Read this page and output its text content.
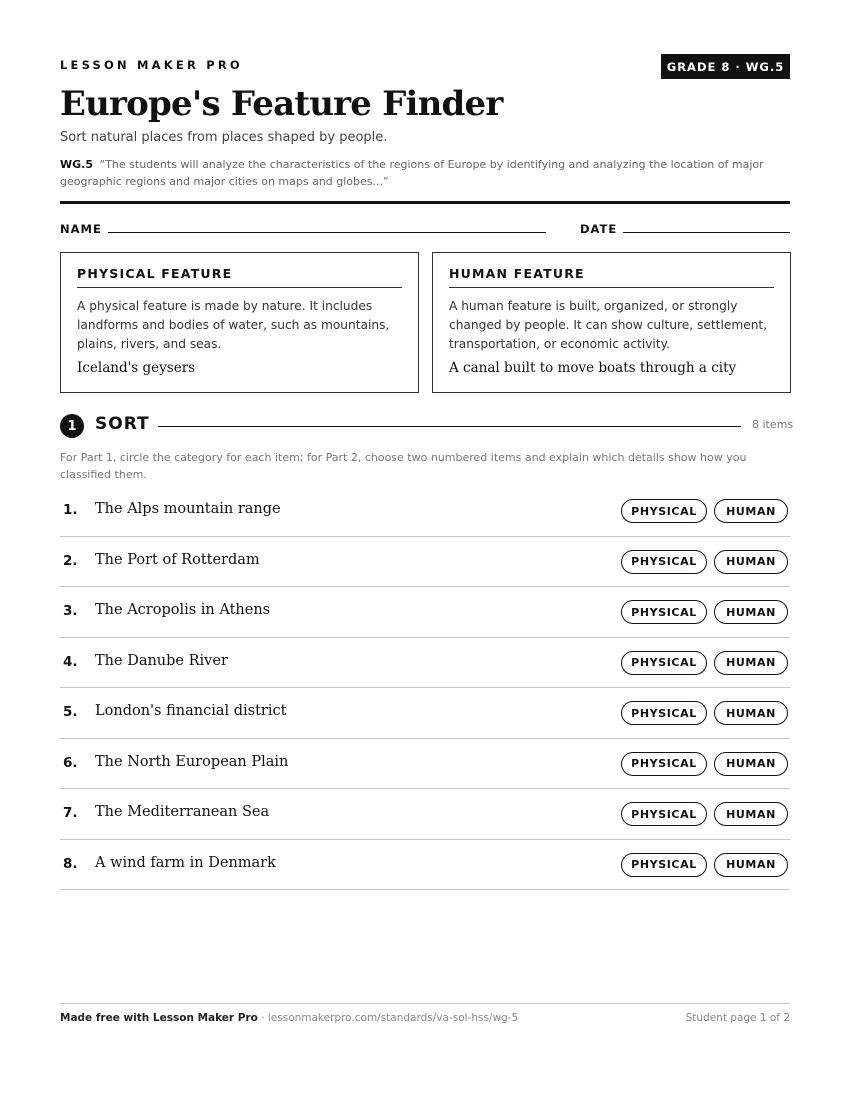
LESSON MAKER PRO	GRADE 8 · WG.5
Europe's Feature Finder
Sort natural places from places shaped by people.
WG.5 “The students will analyze the characteristics of the regions of Europe by identifying and analyzing the location of major geographic regions and major cities on maps and globes...”
NAME	DATE
PHYSICAL FEATURE
A physical feature is made by nature. It includes landforms and bodies of water, such as mountains, plains, rivers, and seas.
Iceland's geysers
HUMAN FEATURE
A human feature is built, organized, or strongly changed by people. It can show culture, settlement, transportation, or economic activity.
A canal built to move boats through a city
1	SORT	8 items
For Part 1, circle the category for each item; for Part 2, choose two numbered items and explain which details show how you classified them.
1. The Alps mountain range	PHYSICAL	HUMAN
2. The Port of Rotterdam	PHYSICAL	HUMAN
3. The Acropolis in Athens	PHYSICAL	HUMAN
4. The Danube River	PHYSICAL	HUMAN
5. London's financial district	PHYSICAL	HUMAN
6. The North European Plain	PHYSICAL	HUMAN
7. The Mediterranean Sea	PHYSICAL	HUMAN
8. A wind farm in Denmark	PHYSICAL	HUMAN
Made free with Lesson Maker Pro · lessonmakerpro.com/standards/va-sol-hss/wg-5	Student page 1 of 2
